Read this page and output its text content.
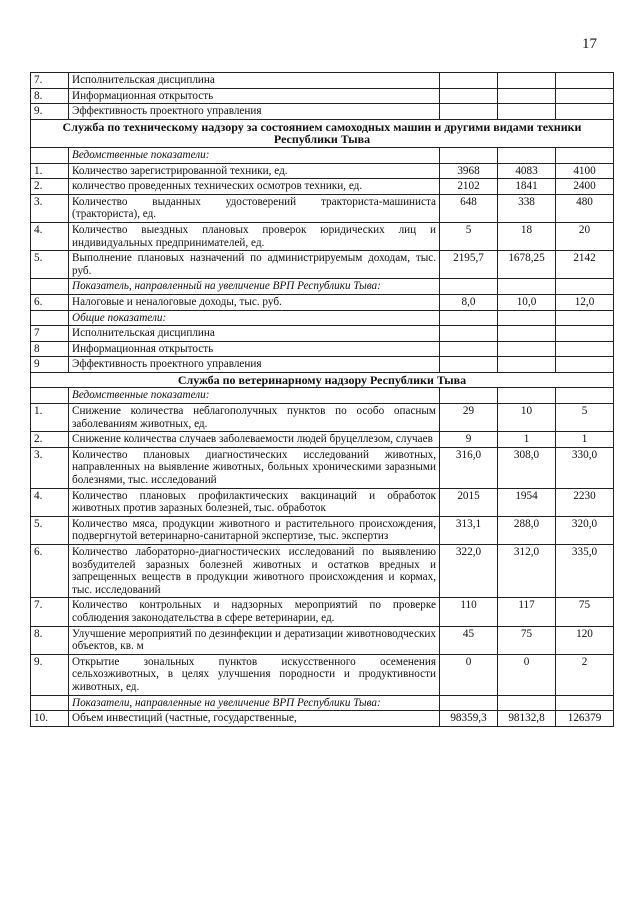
17
7.	Исполнительская дисциплина			
8.	Информационная открытость			
9.	Эффективность проектного управления			
Служба по техническому надзору за состоянием самоходных машин и другими видами техники Республики Тыва				
	Ведомственные показатели:			
1.	Количество зарегистрированной техники, ед.	3968	4083	4100
2.	количество проведенных технических осмотров техники, ед.	2102	1841	2400
3.	Количество выданных удостоверений тракториста-машиниста (тракториста), ед.	648	338	480
4.	Количество выездных плановых проверок юридических лиц и индивидуальных предпринимателей, ед.	5	18	20
5.	Выполнение плановых назначений по администрируемым доходам, тыс. руб.	2195,7	1678,25	2142
	Показатель, направленный на увеличение ВРП Республики Тыва:			
6.	Налоговые и неналоговые доходы, тыс. руб.	8,0	10,0	12,0
	Общие показатели:			
7	Исполнительская дисциплина			
8	Информационная открытость			
9	Эффективность проектного управления			
Служба по ветеринарному надзору Республики Тыва				
	Ведомственные показатели:			
1.	Снижение количества неблагополучных пунктов по особо опасным заболеваниям животных, ед.	29	10	5
2.	Снижение количества случаев заболеваемости людей бруцеллезом, случаев	9	1	1
3.	Количество плановых диагностических исследований животных, направленных на выявление животных, больных хроническими заразными болезнями, тыс. исследований	316,0	308,0	330,0
4.	Количество плановых профилактических вакцинаций и обработок животных против заразных болезней, тыс. обработок	2015	1954	2230
5.	Количество мяса, продукции животного и растительного происхождения, подвергнутой ветеринарно-санитарной экспертизе, тыс. экспертиз	313,1	288,0	320,0
6.	Количество лабораторно-диагностических исследований по выявлению возбудителей заразных болезней животных и остатков вредных и запрещенных веществ в продукции животного происхождения и кормах, тыс. исследований	322,0	312,0	335,0
7.	Количество контрольных и надзорных мероприятий по проверке соблюдения законодательства в сфере ветеринарии, ед.	110	117	75
8.	Улучшение мероприятий по дезинфекции и дератизации животноводческих объектов, кв. м	45	75	120
9.	Открытие зональных пунктов искусственного осеменения сельхозживотных, в целях улучшения породности и продуктивности животных, ед.	0	0	2
	Показатели, направленные на увеличение ВРП Республики Тыва:			
10.	Объем инвестиций (частные, государственные,	98359,3	98132,8	126379
